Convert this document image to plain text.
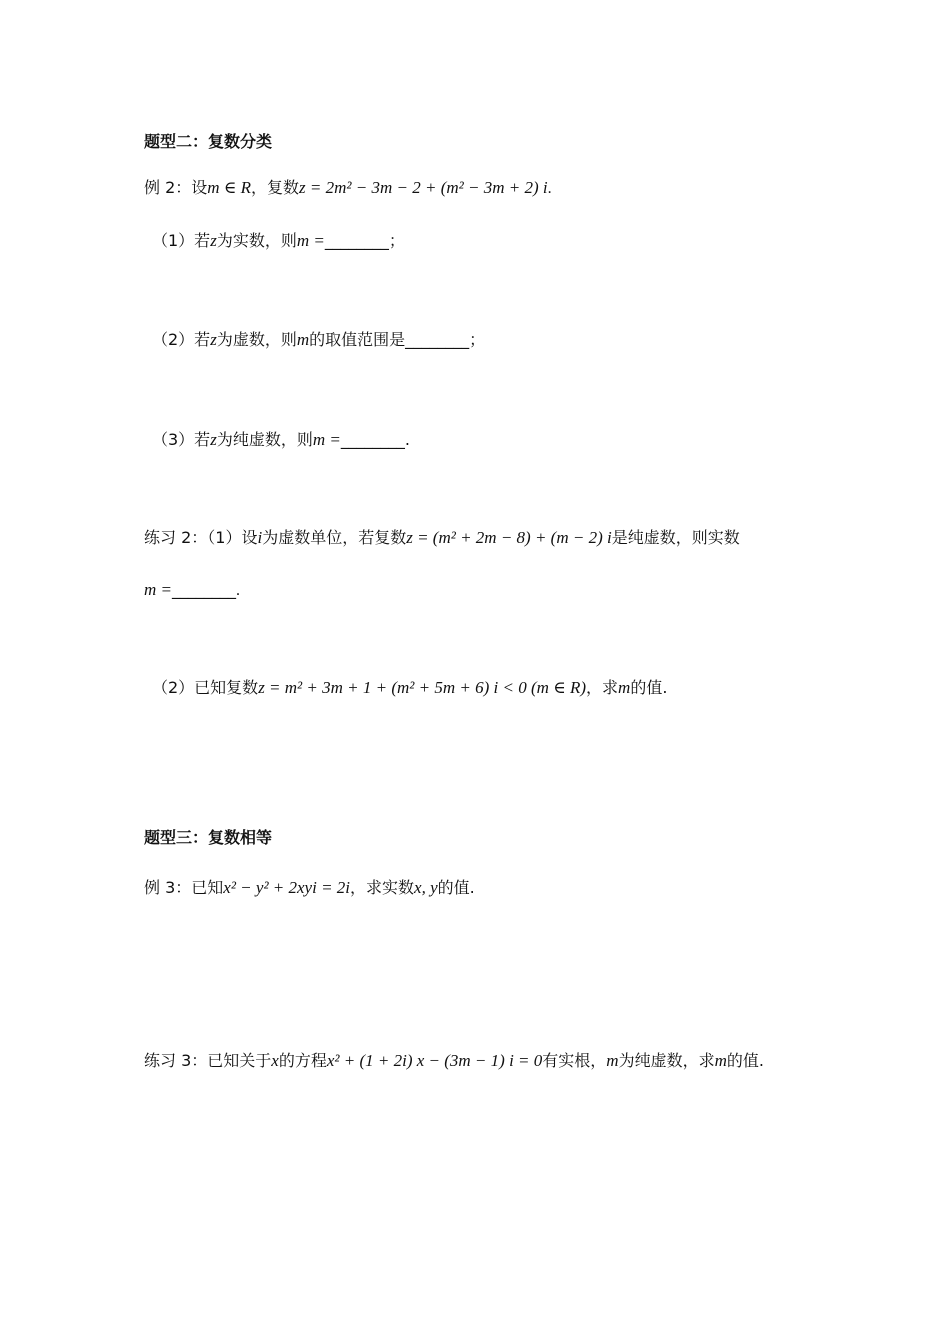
题型二：复数分类
例 2：设m ∈ R，复数z = 2m² − 3m − 2 + (m² − 3m + 2) i.
（1）若z为实数，则m =________；
（2）若z为虚数，则m的取值范围是________；
（3）若z为纯虚数，则m =________.
练习 2：（1）设i为虚数单位，若复数z = (m² + 2m − 8) + (m − 2) i是纯虚数，则实数
m =________.
（2）已知复数z = m² + 3m + 1 + (m² + 5m + 6) i < 0 (m ∈ R)，求m的值.
题型三：复数相等
例 3：已知x² − y² + 2xyi = 2i，求实数x, y的值.
练习 3：已知关于x的方程x² + (1 + 2i) x − (3m − 1) i = 0有实根，m为纯虚数，求m的值.
